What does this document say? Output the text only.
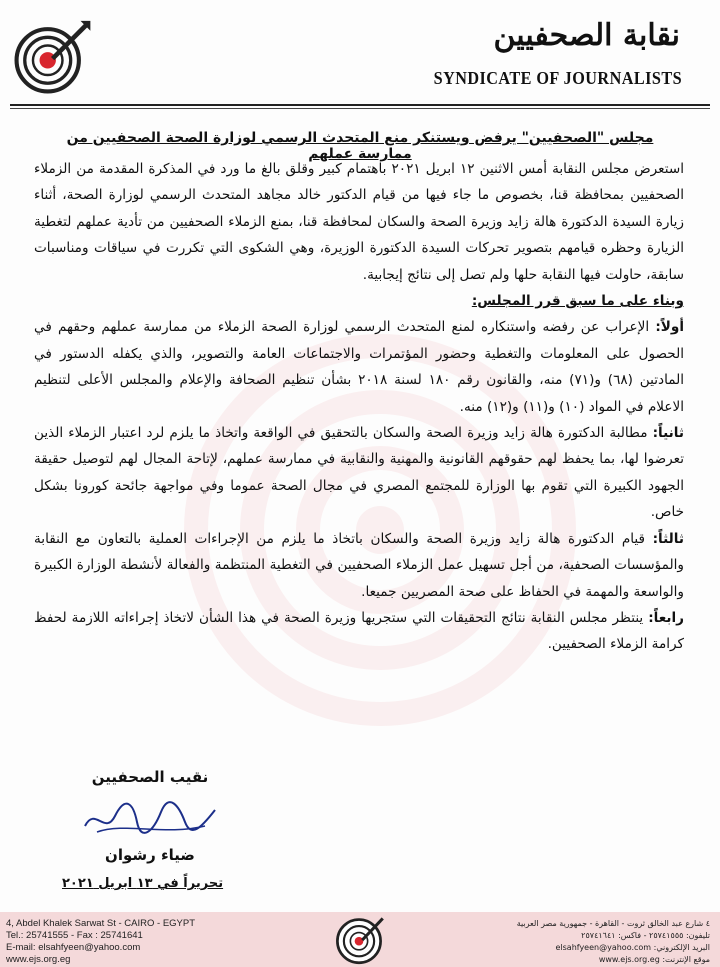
نقابة الصحفيين
SYNDICATE OF JOURNALISTS
مجلس "الصحفيين" يرفض ويستنكر منع المتحدث الرسمي لوزارة الصحة الصحفيين من ممارسة عملهم

استعرض مجلس النقابة أمس الاثنين ١٢ ابريل ٢٠٢١ باهتمام كبير وقلق بالغ ما ورد في المذكرة المقدمة من الزملاء الصحفيين بمحافظة قنا، بخصوص ما جاء فيها من قيام الدكتور خالد مجاهد المتحدث الرسمي لوزارة الصحة، أثناء زيارة السيدة الدكتورة هالة زايد وزيرة الصحة والسكان لمحافظة قنا، بمنع الزملاء الصحفيين من تأدية عملهم لتغطية الزيارة وحظره قيامهم بتصوير تحركات السيدة الدكتورة الوزيرة، وهي الشكوى التي تكررت في سياقات ومناسبات سابقة، حاولت فيها النقابة حلها ولم تصل إلى نتائج إيجابية.

وبناء على ما سبق قرر المجلس:

أولاً: الإعراب عن رفضه واستنكاره لمنع المتحدث الرسمي لوزارة الصحة الزملاء من ممارسة عملهم وحقهم في الحصول على المعلومات والتغطية وحضور المؤتمرات والاجتماعات العامة والتصوير، والذي يكفله الدستور في المادتين (٦٨) و(٧١) منه، والقانون رقم ١٨٠ لسنة ٢٠١٨ بشأن تنظيم الصحافة والإعلام والمجلس الأعلى لتنظيم الاعلام في المواد (١٠) و(١١) و(١٢) منه.

ثانياً: مطالبة الدكتورة هالة زايد وزيرة الصحة والسكان بالتحقيق في الواقعة واتخاذ ما يلزم لرد اعتبار الزملاء الذين تعرضوا لها، بما يحفظ لهم حقوقهم القانونية والمهنية والنقابية في ممارسة عملهم، لإتاحة المجال لهم لتوصيل حقيقة الجهود الكبيرة التي تقوم بها الوزارة للمجتمع المصري في مجال الصحة عموما وفي مواجهة جائحة كورونا بشكل خاص.

ثالثاً: قيام الدكتورة هالة زايد وزيرة الصحة والسكان باتخاذ ما يلزم من الإجراءات العملية بالتعاون مع النقابة والمؤسسات الصحفية، من أجل تسهيل عمل الزملاء الصحفيين في التغطية المنتظمة والفعالة لأنشطة الوزارة الكبيرة والواسعة والمهمة في الحفاظ على صحة المصريين جميعا.

رابعاً: ينتظر مجلس النقابة نتائج التحقيقات التي ستجريها وزيرة الصحة في هذا الشأن لاتخاذ إجراءاته اللازمة لحفظ كرامة الزملاء الصحفيين.

نقيب الصحفيين
ضياء رشوان
تحريراً في ١٣ ابريل ٢٠٢١
4, Abdel Khalek Sarwat St - CAIRO - EGYPT
Tel.: 25741555 - Fax : 25741641
E-mail: elsahfyeen@yahoo.com
www.ejs.org.eg
٤ شارع عبد الخالق ثروت - القاهرة - جمهورية مصر العربية
تليفون: ٢٥٧٤١٥٥٥ - فاكس: ٢٥٧٤١٦٤١
البريد الإلكتروني: elsahfyeen@yahoo.com
موقع الإنترنت: www.ejs.org.eg
